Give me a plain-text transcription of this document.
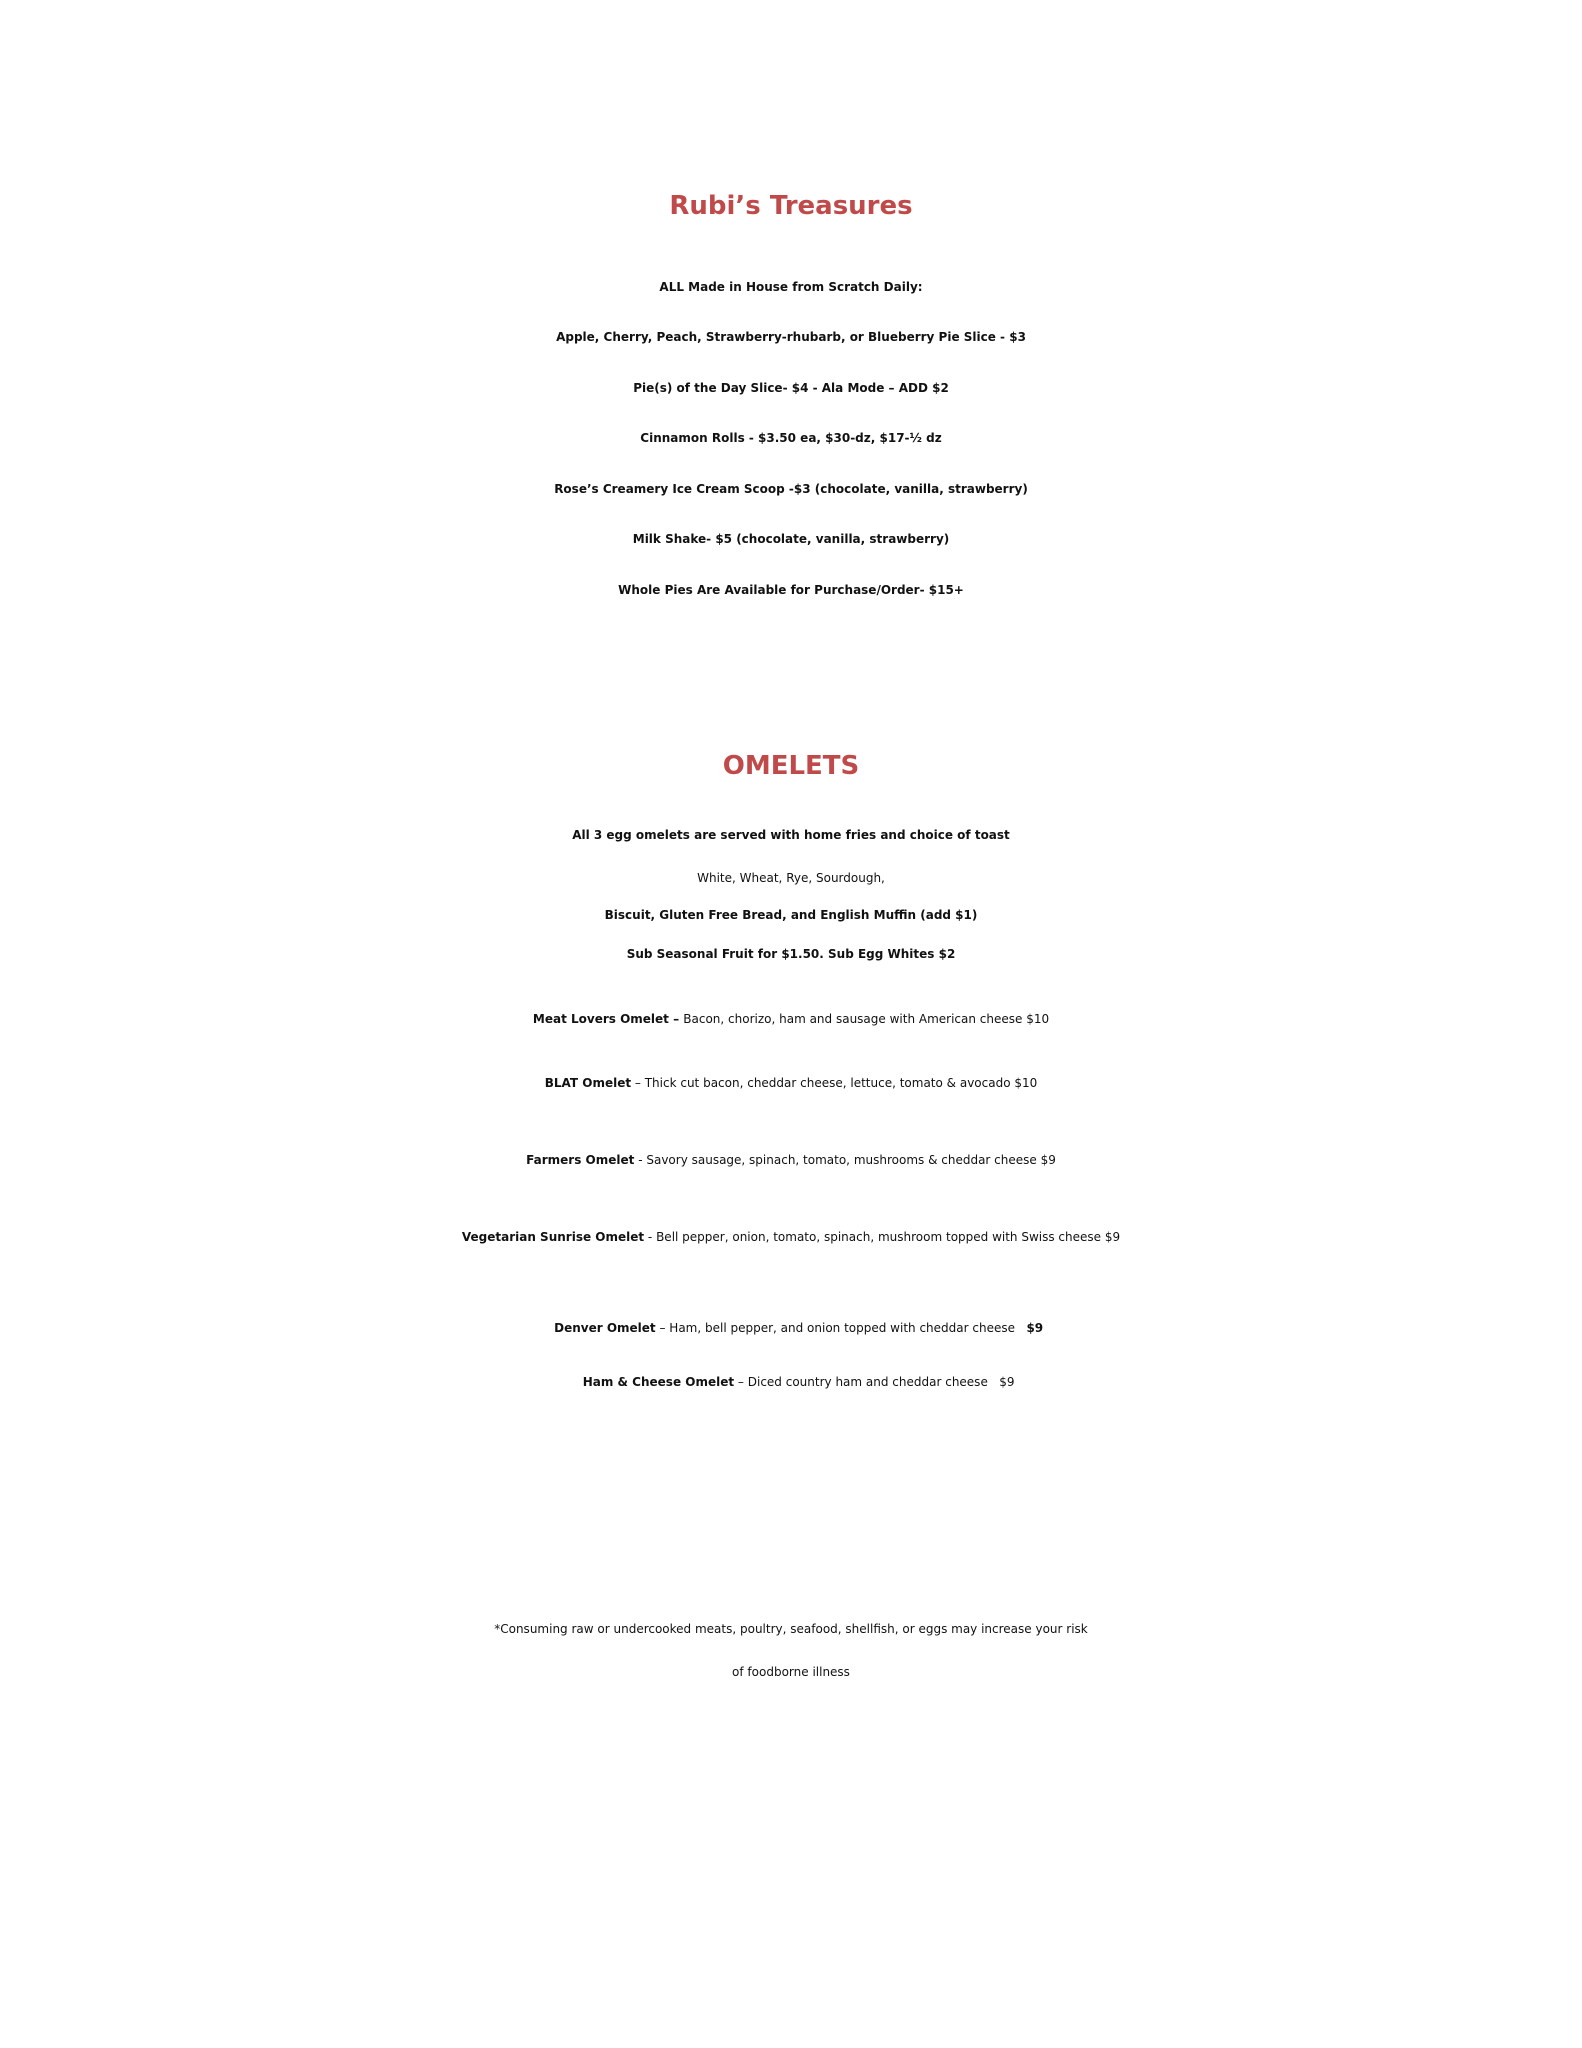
Rubi’s Treasures
ALL Made in House from Scratch Daily:
Apple, Cherry, Peach, Strawberry-rhubarb, or Blueberry Pie Slice - $3
Pie(s) of the Day Slice- $4 - Ala Mode – ADD $2
Cinnamon Rolls - $3.50 ea, $30-dz, $17-½ dz
Rose’s Creamery Ice Cream Scoop -$3 (chocolate, vanilla, strawberry)
Milk Shake- $5 (chocolate, vanilla, strawberry)
Whole Pies Are Available for Purchase/Order- $15+
OMELETS
All 3 egg omelets are served with home fries and choice of toast
White, Wheat, Rye, Sourdough,
Biscuit, Gluten Free Bread, and English Muffin (add $1)
Sub Seasonal Fruit for $1.50. Sub Egg Whites $2
Meat Lovers Omelet – Bacon, chorizo, ham and sausage with American cheese $10
BLAT Omelet – Thick cut bacon, cheddar cheese, lettuce, tomato & avocado $10
Farmers Omelet - Savory sausage, spinach, tomato, mushrooms & cheddar cheese $9
Vegetarian Sunrise Omelet - Bell pepper, onion, tomato, spinach, mushroom topped with Swiss cheese $9

Denver Omelet – Ham, bell pepper, and onion topped with cheddar cheese   $9

Ham & Cheese Omelet – Diced country ham and cheddar cheese   $9

*Consuming raw or undercooked meats, poultry, seafood, shellfish, or eggs may increase your risk
of foodborne illness
